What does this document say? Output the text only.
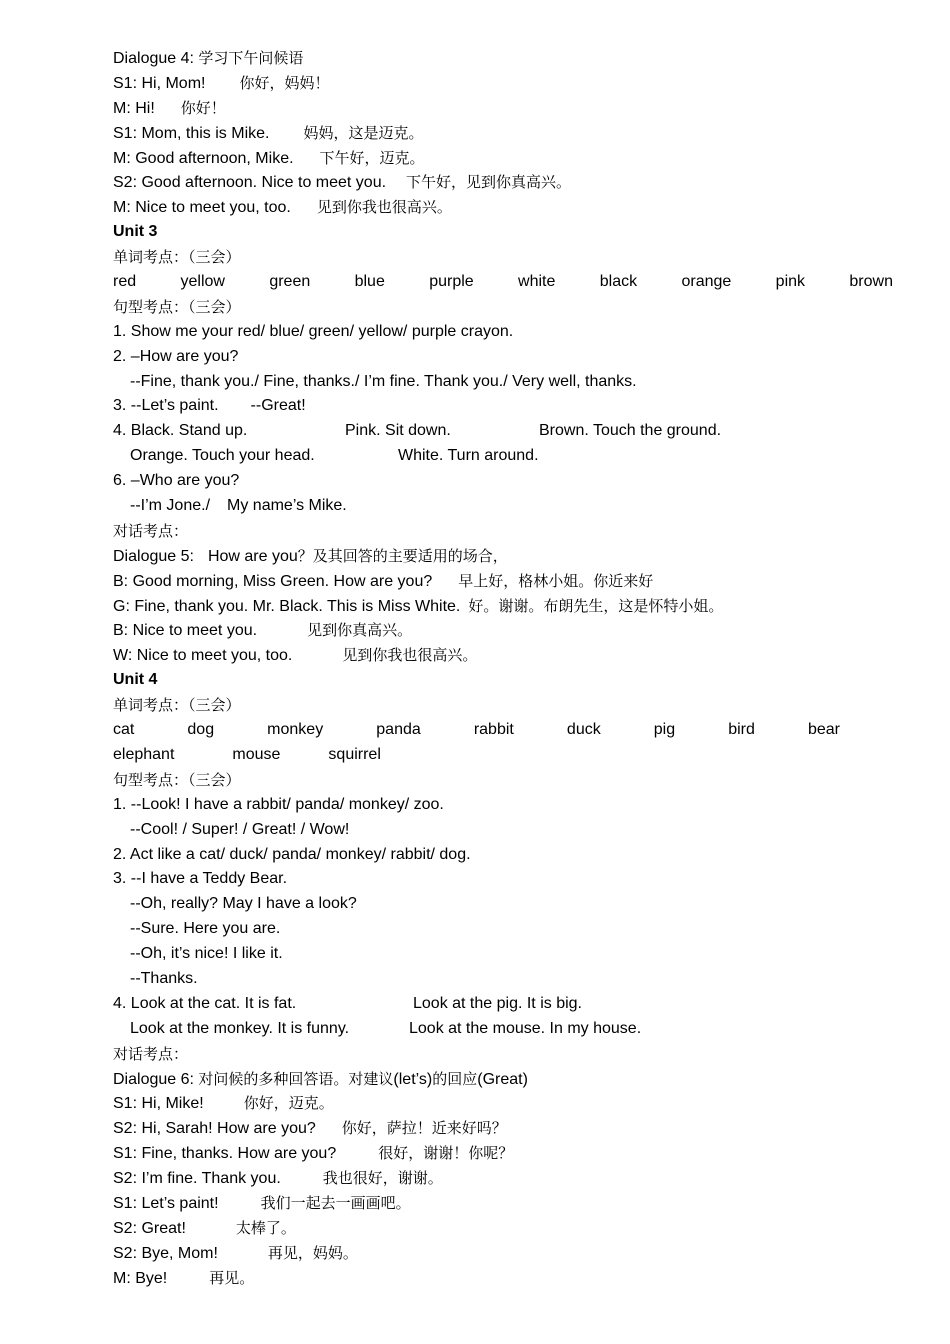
Dialogue 4: 学习下午问候语
S1: Hi, Mom! 你好，妈妈！
M: Hi! 你好！
S1: Mom, this is Mike. 妈妈，这是迈克。
M: Good afternoon, Mike. 下午好，迈克。
S2: Good afternoon. Nice to meet you. 下午好，见到你真高兴。
M: Nice to meet you, too. 见到你我也很高兴。
Unit 3
单词考点：（三会）
red	yellow	green	blue	purple	white	black	orange	pink	brown
句型考点：（三会）
1. Show me your red/ blue/ green/ yellow/ purple crayon.
2. –How are you?
--Fine, thank you./ Fine, thanks./ I’m fine. Thank you./ Very well, thanks.
3. --Let’s paint. --Great!
4. Black. Stand up.	Pink. Sit down.	Brown. Touch the ground.
Orange. Touch your head.	White. Turn around.
6. –Who are you?
--I’m Jone./ My name’s Mike.
对话考点：
Dialogue 5: How are you？及其回答的主要适用的场合，
B: Good morning, Miss Green. How are you? 早上好，格林小姐。你近来好
G: Fine, thank you. Mr. Black. This is Miss White. 好。谢谢。布朗先生，这是怀特小姐。
B: Nice to meet you.	见到你真高兴。
W: Nice to meet you, too.	见到你我也很高兴。
Unit 4
单词考点：（三会）
cat	dog	monkey	panda	rabbit	duck	pig	bird	bear
elephant	mouse	squirrel
句型考点：（三会）
1. --Look! I have a rabbit/ panda/ monkey/ zoo.
--Cool! / Super! / Great! / Wow!
2. Act like a cat/ duck/ panda/ monkey/ rabbit/ dog.
3. --I have a Teddy Bear.
--Oh, really? May I have a look?
--Sure. Here you are.
--Oh, it’s nice! I like it.
--Thanks.
4. Look at the cat. It is fat.	Look at the pig. It is big.
Look at the monkey. It is funny.	Look at the mouse. In my house.
对话考点：
Dialogue 6: 对问候的多种回答语。对建议(let’s)的回应(Great)
S1: Hi, Mike!	你好，迈克。
S2: Hi, Sarah! How are you? 你好，萨拉！近来好吗？
S1: Fine, thanks. How are you?	很好，谢谢！你呢？
S2: I’m fine. Thank you.	我也很好，谢谢。
S1: Let’s paint!	我们一起去一画画吧。
S2: Great!	太棒了。
S2: Bye, Mom!	再见，妈妈。
M: Bye!	再见。
